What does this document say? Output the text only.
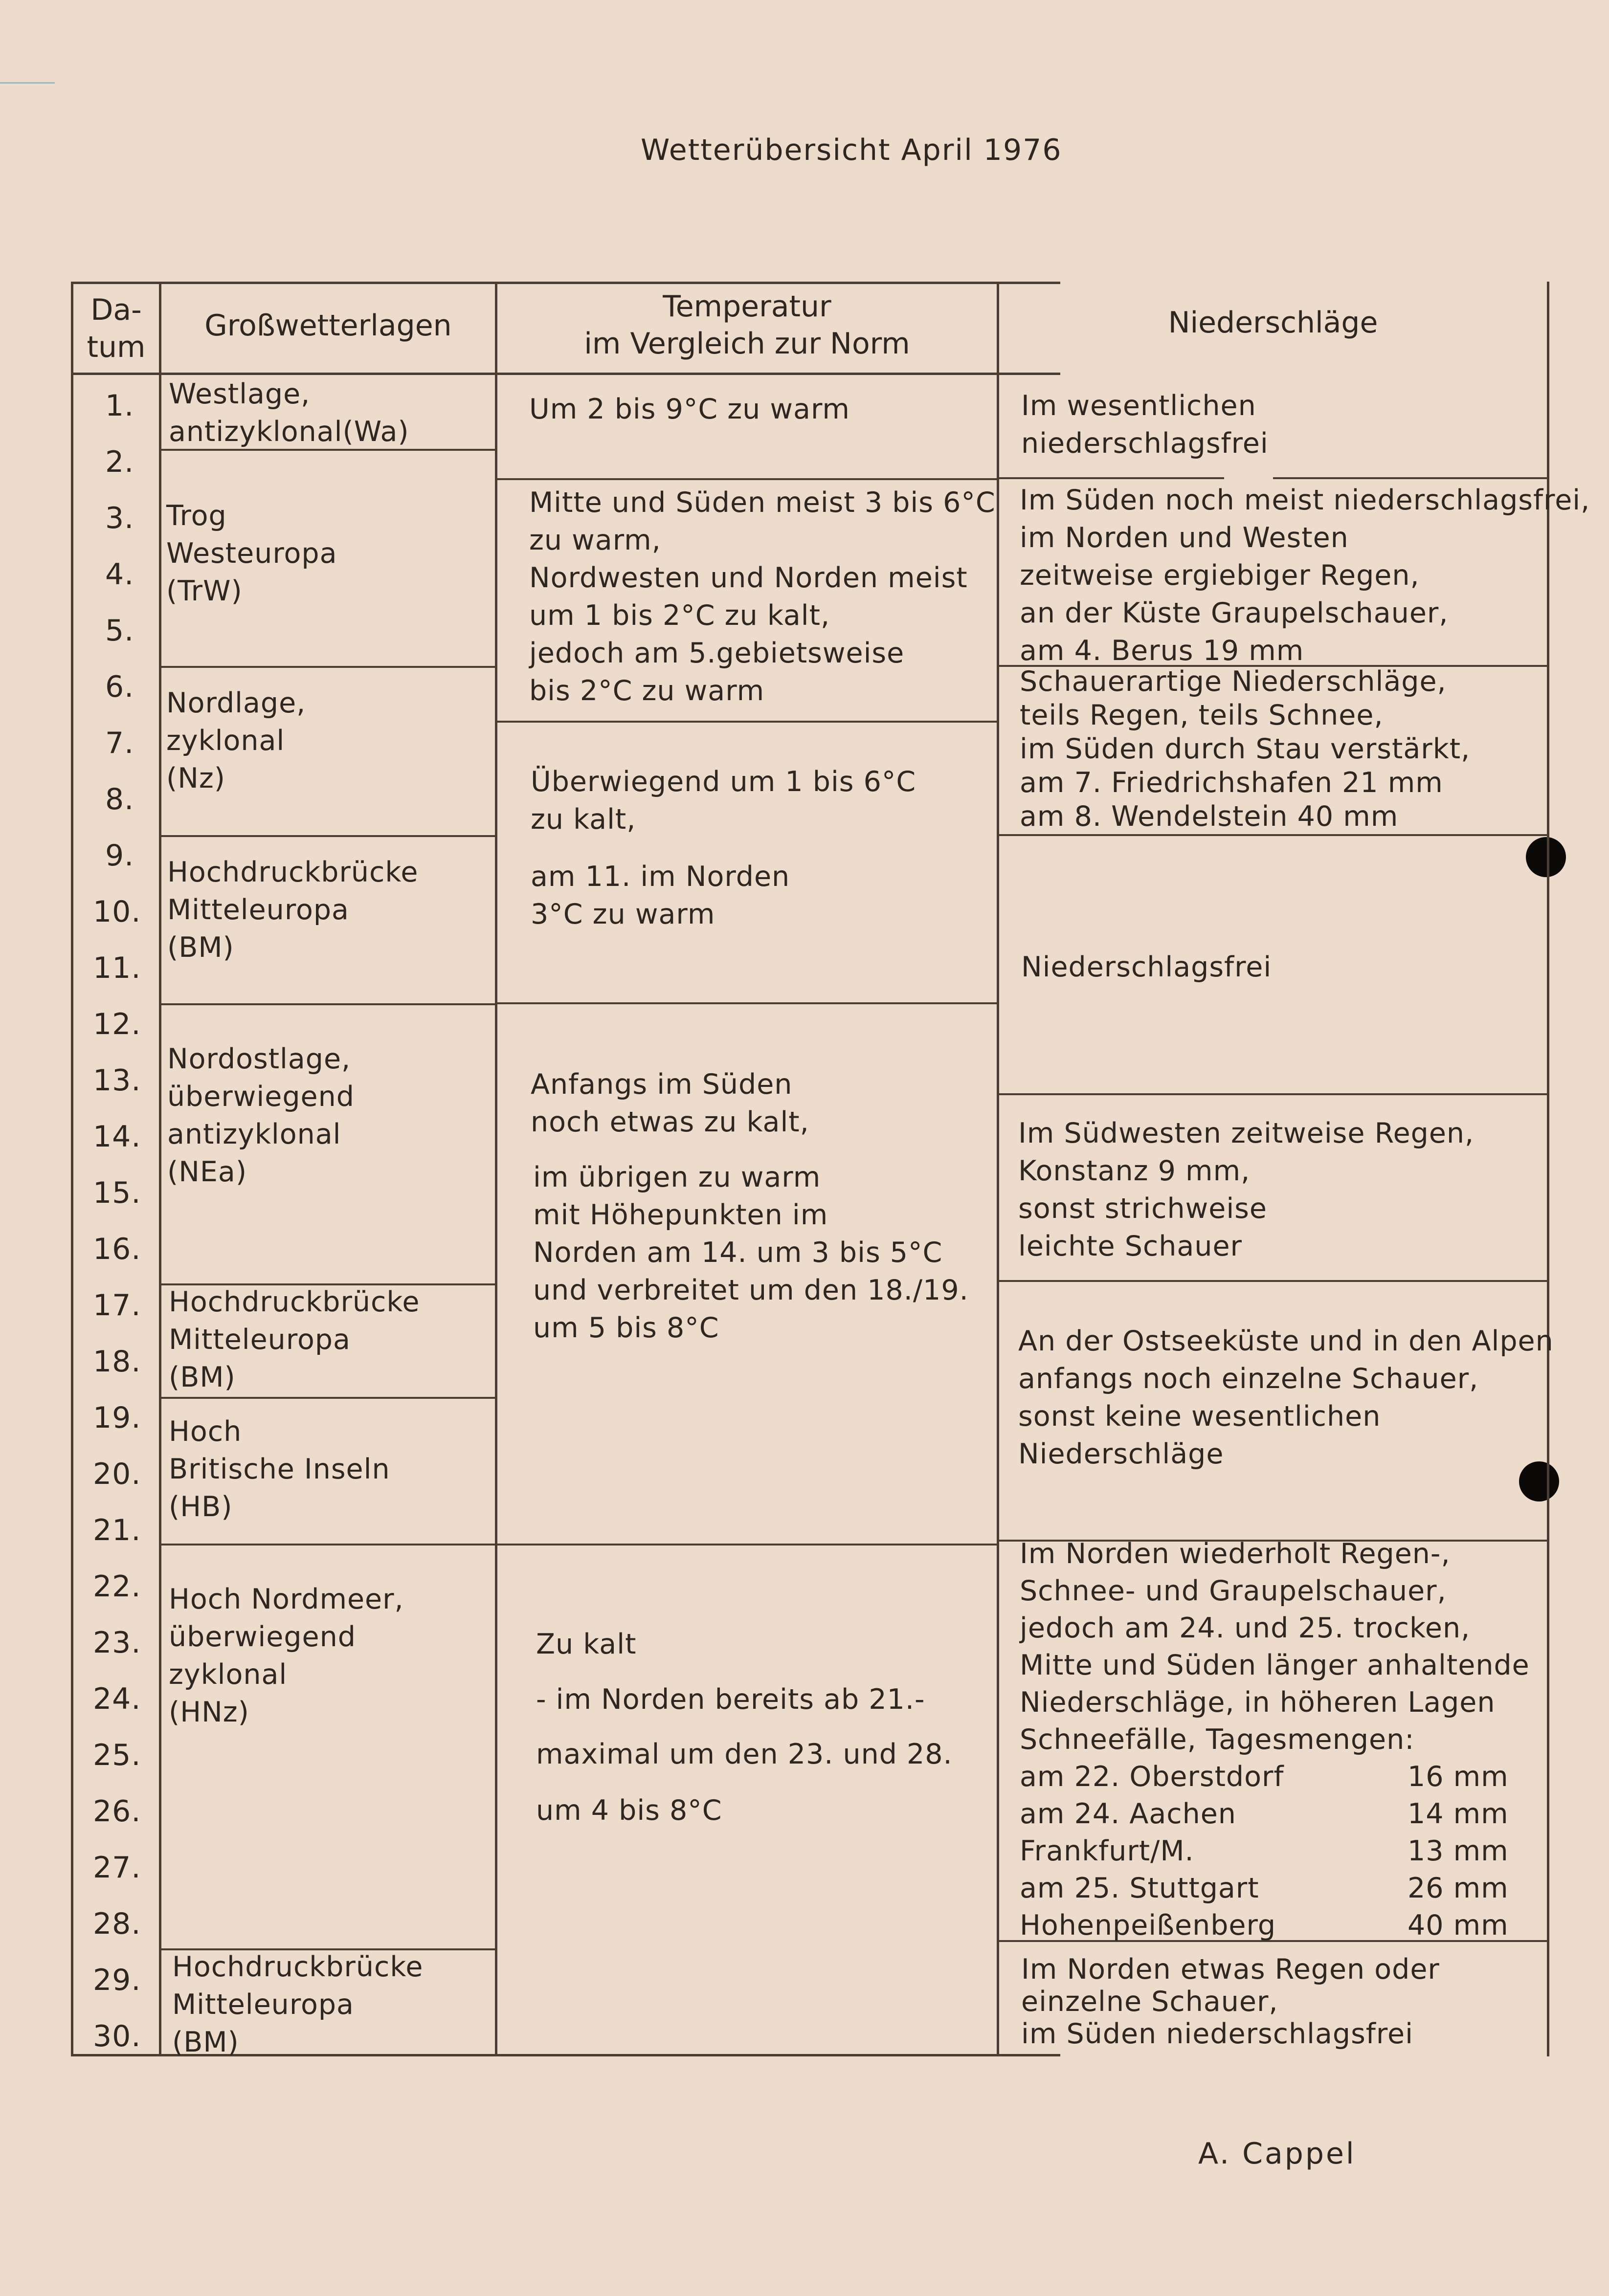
Wetterübersicht April 1976
Da-
tum
Großwetterlagen
Temperatur
im Vergleich zur Norm
Niederschläge
1.
2.
3.
4.
5.
6.
7.
8.
9.
10.
11.
12.
13.
14.
15.
16.
17.
18.
19.
20.
21.
22.
23.
24.
25.
26.
27.
28.
29.
30.
Westlage,
antizyklonal(Wa)
Trog
Westeuropa
(TrW)
Nordlage,
zyklonal
(Nz)
Hochdruckbrücke
Mitteleuropa
(BM)
Nordostlage,
überwiegend
antizyklonal
(NEa)
Hochdruckbrücke
Mitteleuropa
(BM)
Hoch
Britische Inseln
(HB)
Hoch Nordmeer,
überwiegend
zyklonal
(HNz)
Hochdruckbrücke
Mitteleuropa
(BM)
Um 2 bis 9°C zu warm
Mitte und Süden meist 3 bis 6°C
zu warm,
Nordwesten und Norden meist
um 1 bis 2°C zu kalt,
jedoch am 5.gebietsweise
bis 2°C zu warm
Überwiegend um 1 bis 6°C
zu kalt,
am 11. im Norden
3°C zu warm
Anfangs im Süden
noch etwas zu kalt,
im übrigen zu warm
mit Höhepunkten im
Norden am 14. um 3 bis 5°C
und verbreitet um den 18./19.
um 5 bis 8°C
Zu kalt
- im Norden bereits ab 21.-
maximal um den 23. und 28.
um 4 bis 8°C
Im wesentlichen
niederschlagsfrei
Im Süden noch meist niederschlagsfrei,
im Norden und Westen
zeitweise ergiebiger Regen,
an der Küste Graupelschauer,
am 4. Berus 19 mm
Schauerartige Niederschläge,
teils Regen, teils Schnee,
im Süden durch Stau verstärkt,
am 7. Friedrichshafen 21 mm
am 8. Wendelstein 40 mm
Niederschlagsfrei
Im Südwesten zeitweise Regen,
Konstanz 9 mm,
sonst strichweise
leichte Schauer
An der Ostseeküste und in den Alpen
anfangs noch einzelne Schauer,
sonst keine wesentlichen
Niederschläge
Im Norden wiederholt Regen-,
Schnee- und Graupelschauer,
jedoch am 24. und 25. trocken,
Mitte und Süden länger anhaltende
Niederschläge, in höheren Lagen
Schneefälle, Tagesmengen:
am 22. Oberstdorf
am 24. Aachen
Frankfurt/M.
am 25. Stuttgart
Hohenpeißenberg
16 mm
14 mm
13 mm
26 mm
40 mm
Im Norden etwas Regen oder
einzelne Schauer,
im Süden niederschlagsfrei
A. Cappel
